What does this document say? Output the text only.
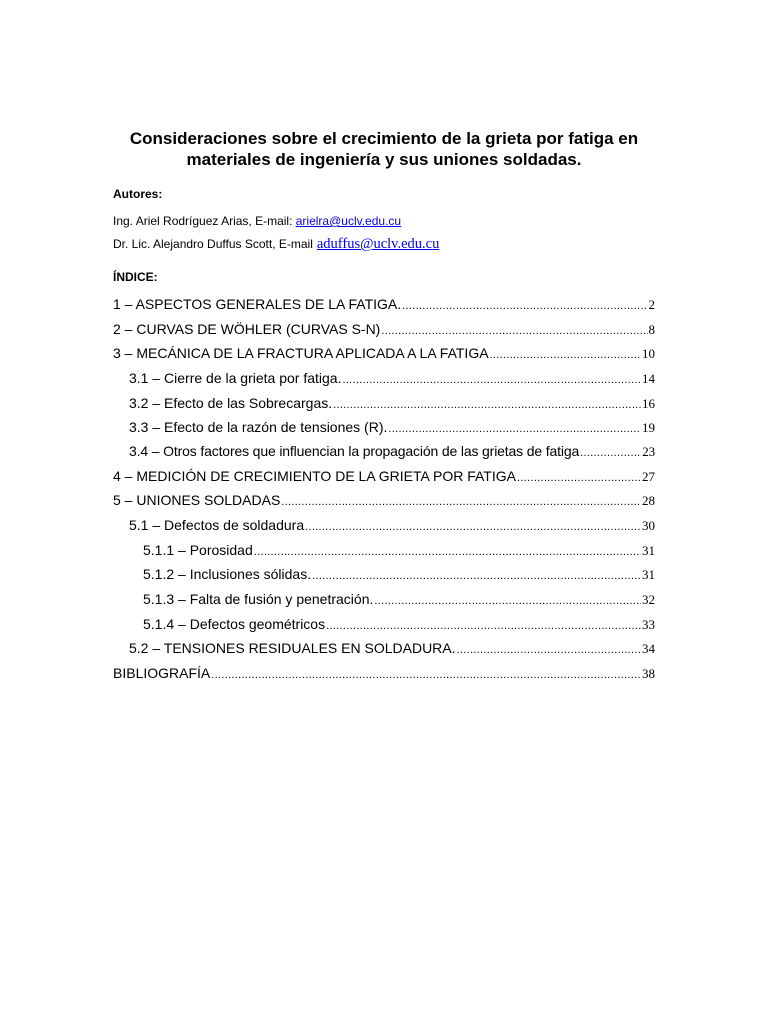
Consideraciones sobre el crecimiento de la grieta por fatiga en
materiales de ingeniería y sus uniones soldadas.
Autores:
Ing. Ariel Rodríguez Arias, E-mail: arielra@uclv.edu.cu
Dr. Lic. Alejandro Duffus Scott, E-mail aduffus@uclv.edu.cu
ÍNDICE:
1 – ASPECTOS GENERALES DE LA FATIGA. .....	2
2 – CURVAS DE WÖHLER (CURVAS S-N) .....	8
3 – MECÁNICA DE LA FRACTURA APLICADA A LA FATIGA .....	10
3.1 – Cierre de la grieta por fatiga. .....	14
3.2 – Efecto de las Sobrecargas. .....	16
3.3 – Efecto de la razón de tensiones (R). .....	19
3.4 – Otros factores que influencian la propagación de las grietas de fatiga .....	23
4 – MEDICIÓN DE CRECIMIENTO DE LA GRIETA POR FATIGA .....	27
5 – UNIONES SOLDADAS .....	28
5.1 – Defectos de soldadura .....	30
5.1.1 – Porosidad .....	31
5.1.2 – Inclusiones sólidas. .....	31
5.1.3 – Falta de fusión y penetración. .....	32
5.1.4 – Defectos geométricos .....	33
5.2 – TENSIONES RESIDUALES EN SOLDADURA. .....	34
BIBLIOGRAFÍA .....	38
